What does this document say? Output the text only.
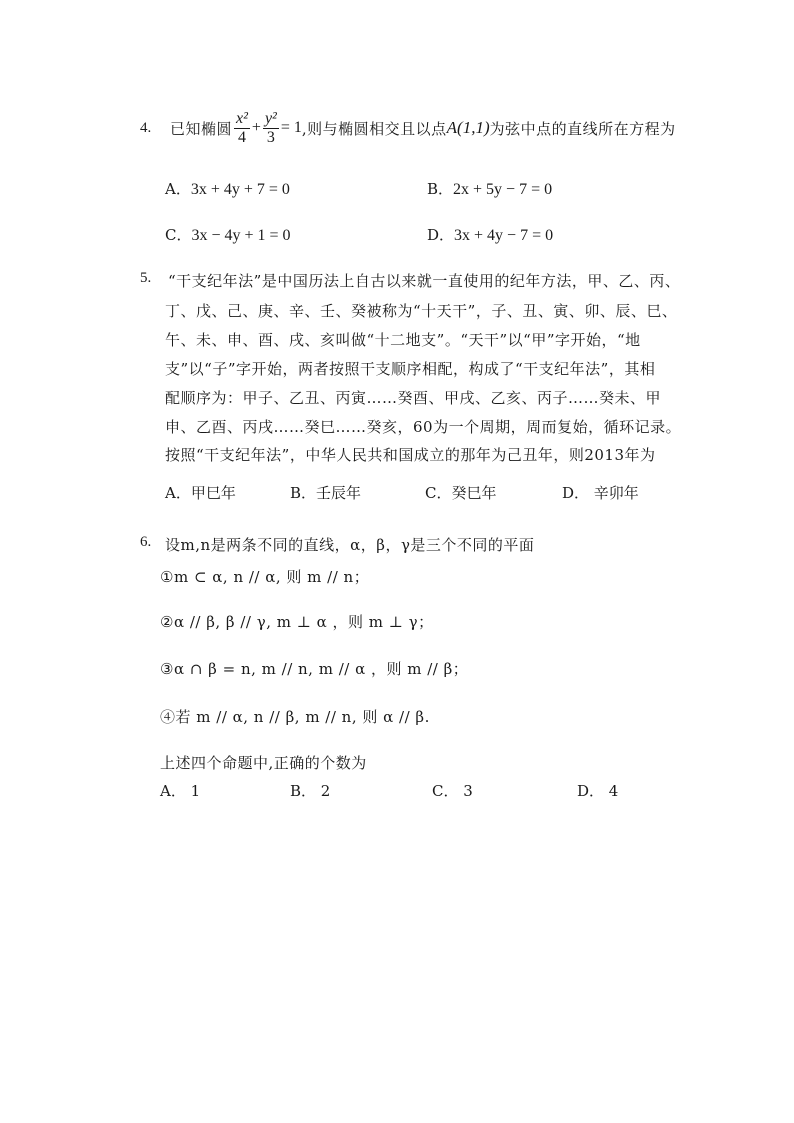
4. 已知椭圆 $\frac{\text{x²}}{4} + \frac{\text{y²}}{3} = 1$ ,则与椭圆相交且以点 A(1,1) 为弦中点的直线所在方程为
A．3x + 4y + 7 = 0	B．2x + 5y − 7 = 0
C．3x − 4y + 1 = 0	D．3x + 4y − 7 = 0
5. “干支纪年法”是中国历法上自古以来就一直使用的纪年方法，甲、乙、丙、
丁、戊、己、庚、辛、壬、癸被称为“十天干”，子、丑、寅、卯、辰、巳、
午、未、申、酉、戌、亥叫做“十二地支”。“天干”以“甲”字开始，“地
支”以“子”字开始，两者按照干支顺序相配，构成了“干支纪年法”，其相
配顺序为：甲子、乙丑、丙寅……癸酉、甲戌、乙亥、丙子……癸未、甲
申、乙酉、丙戌……癸巳……癸亥，60为一个周期，周而复始，循环记录。
按照“干支纪年法”，中华人民共和国成立的那年为己丑年，则2013年为
A．甲巳年	B．壬辰年	C．癸巳年	D． 辛卯年
6. 设m,n是两条不同的直线，α，β，γ是三个不同的平面
①m ⊂ α, n // α, 则 m // n；
②α // β, β // γ, m ⊥ α ，则 m ⊥ γ；
③α ∩ β = n, m // n, m // α ，则 m // β；
④若 m // α, n // β, m // n, 则 α // β.
上述四个命题中,正确的个数为
A． 1	B． 2	C． 3	D． 4
